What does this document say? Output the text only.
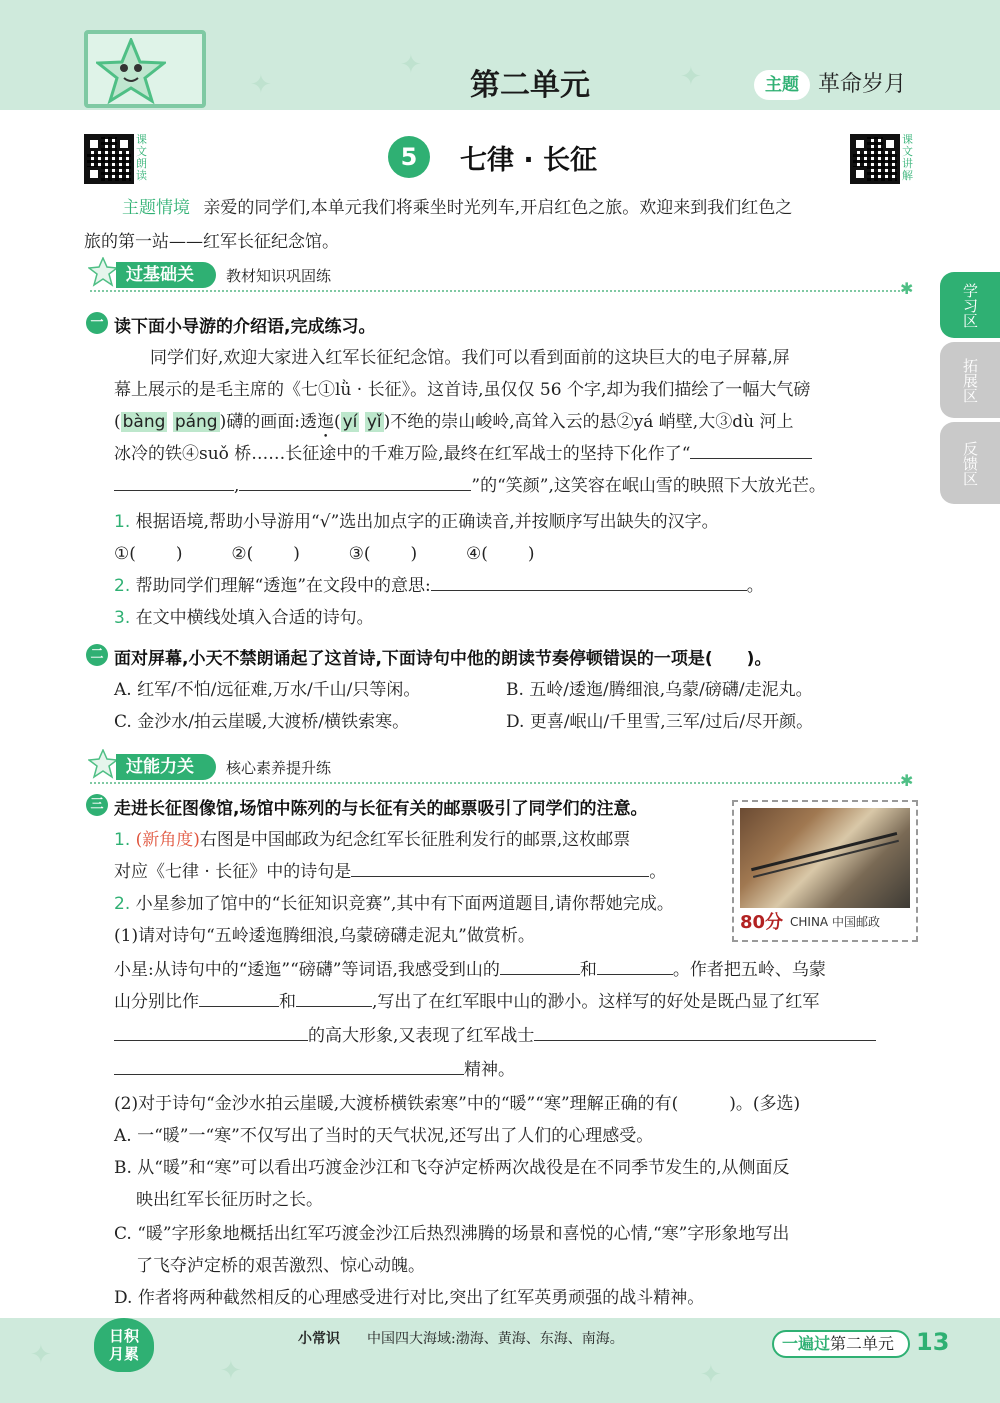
✦	✦
✦	第二单元	主题 革命岁月
课文朗读
课文讲解
5	七律 · 长征
主题情境 亲爱的同学们,本单元我们将乘坐时光列车,开启红色之旅。欢迎来到我们红色之
旅的第一站——红军长征纪念馆。
过基础关	教材知识巩固练
✱
一 读下面小导游的介绍语,完成练习。
同学们好,欢迎大家进入红军长征纪念馆。我们可以看到面前的这块巨大的电子屏幕,屏
幕上展示的是毛主席的《七①lǜ · 长征》。这首诗,虽仅仅 56 个字,却为我们描绘了一幅大气磅
( bàng páng )礴的画面:透迤( yí yǐ )不绝的崇山峻岭,高耸入云的悬②yá 峭壁,大③dù 河上
冰冷的铁④suǒ 桥……长征途中的千难万险,最终在红军战士的坚持下化作了“
,	”的“笑颜”,这笑容在岷山雪的映照下大放光芒。
1. 根据语境,帮助小导游用“√”选出加点字的正确读音,并按顺序写出缺失的汉字。
①( )	②( )	③( )	④( )
2. 帮助同学们理解“透迤”在文段中的意思:	。
3. 在文中横线处填入合适的诗句。
二 面对屏幕,小天不禁朗诵起了这首诗,下面诗句中他的朗读节奏停顿错误的一项是(　　)。
A. 红军/不怕/远征难,万水/千山/只等闲。	B. 五岭/逶迤/腾细浪,乌蒙/磅礴/走泥丸。
C. 金沙水/拍云崖暖,大渡桥/横铁索寒。	D. 更喜/岷山/千里雪,三军/过后/尽开颜。
过能力关	核心素养提升练
✱
三 走进长征图像馆,场馆中陈列的与长征有关的邮票吸引了同学们的注意。
1. (新角度)右图是中国邮政为纪念红军长征胜利发行的邮票,这枚邮票
对应《七律 · 长征》中的诗句是	。
2. 小星参加了馆中的“长征知识竞赛”,其中有下面两道题目,请你帮她完成。
(1)请对诗句“五岭逶迤腾细浪,乌蒙磅礴走泥丸”做赏析。
小星:从诗句中的“逶迤”“磅礴”等词语,我感受到山的	和	。作者把五岭、乌蒙
山分别比作	和	,写出了在红军眼中山的渺小。这样写的好处是既凸显了红军
的高大形象,又表现了红军战士
精神。
(2)对于诗句“金沙水拍云崖暖,大渡桥横铁索寒”中的“暖”“寒”理解正确的有(　　　)。(多选)
A. 一“暖”一“寒”不仅写出了当时的天气状况,还写出了人们的心理感受。
B. 从“暖”和“寒”可以看出巧渡金沙江和飞夺泸定桥两次战役是在不同季节发生的,从侧面反
映出红军长征历时之长。
C. “暖”字形象地概括出红军巧渡金沙江后热烈沸腾的场景和喜悦的心情,“寒”字形象地写出
了飞夺泸定桥的艰苦激烈、惊心动魄。
D. 作者将两种截然相反的心理感受进行对比,突出了红军英勇顽强的战斗精神。
80分 CHINA 中国邮政
学习区
拓展区
反馈区
✦
✦	✦
日积
月累
小常识 中国四大海域:渤海、黄海、东海、南海。	一遍过第二单元 13
